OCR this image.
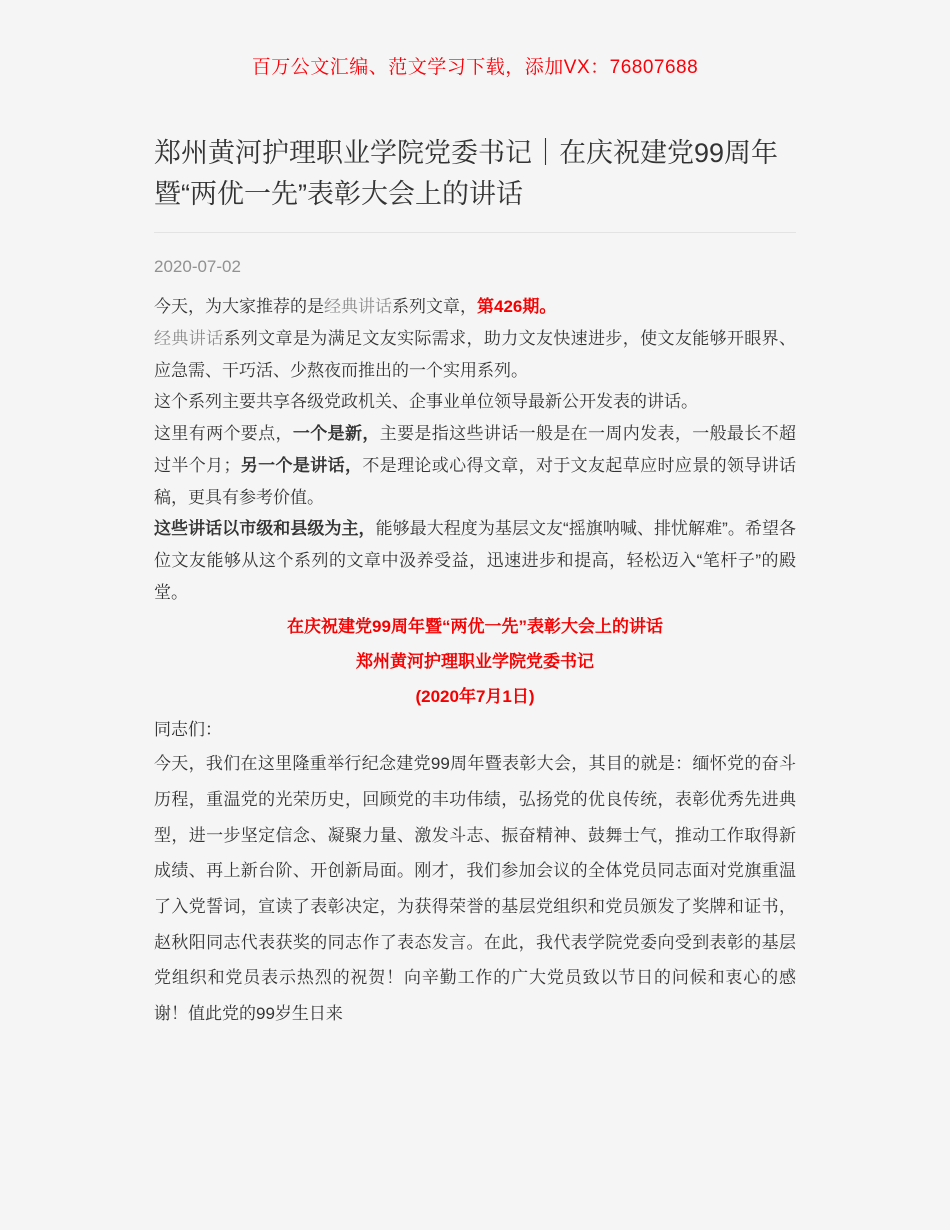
百万公文汇编、范文学习下载，添加VX：76807688
郑州黄河护理职业学院党委书记｜在庆祝建党99周年暨“两优一先”表彰大会上的讲话
2020-07-02

今天，为大家推荐的是经典讲话系列文章，第426期。

经典讲话系列文章是为满足文友实际需求，助力文友快速进步，使文友能够开眼界、应急需、干巧活、少熬夜而推出的一个实用系列。

这个系列主要共享各级党政机关、企事业单位领导最新公开发表的讲话。

这里有两个要点，一个是新，主要是指这些讲话一般是在一周内发表，一般最长不超过半个月；另一个是讲话，不是理论或心得文章，对于文友起草应时应景的领导讲话稿，更具有参考价值。

这些讲话以市级和县级为主，能够最大程度为基层文友“摇旗呐喊、排忧解难”。希望各位文友能够从这个系列的文章中汲养受益，迅速进步和提高，轻松迈入“笔杆子”的殿堂。

在庆祝建党99周年暨“两优一先”表彰大会上的讲话

郑州黄河护理职业学院党委书记

(2020年7月1日)

同志们：

今天，我们在这里隆重举行纪念建党99周年暨表彰大会，其目的就是：缅怀党的奋斗历程，重温党的光荣历史，回顾党的丰功伟绩，弘扬党的优良传统，表彰优秀先进典型，进一步坚定信念、凝聚力量、激发斗志、振奋精神、鼓舞士气，推动工作取得新成绩、再上新台阶、开创新局面。刚才，我们参加会议的全体党员同志面对党旗重温了入党誓词，宣读了表彰决定，为获得荣誉的基层党组织和党员颁发了奖牌和证书，赵秋阳同志代表获奖的同志作了表态发言。在此，我代表学院党委向受到表彰的基层党组织和党员表示热烈的祝贺！向辛勤工作的广大党员致以节日的问候和衷心的感谢！值此党的99岁生日来
